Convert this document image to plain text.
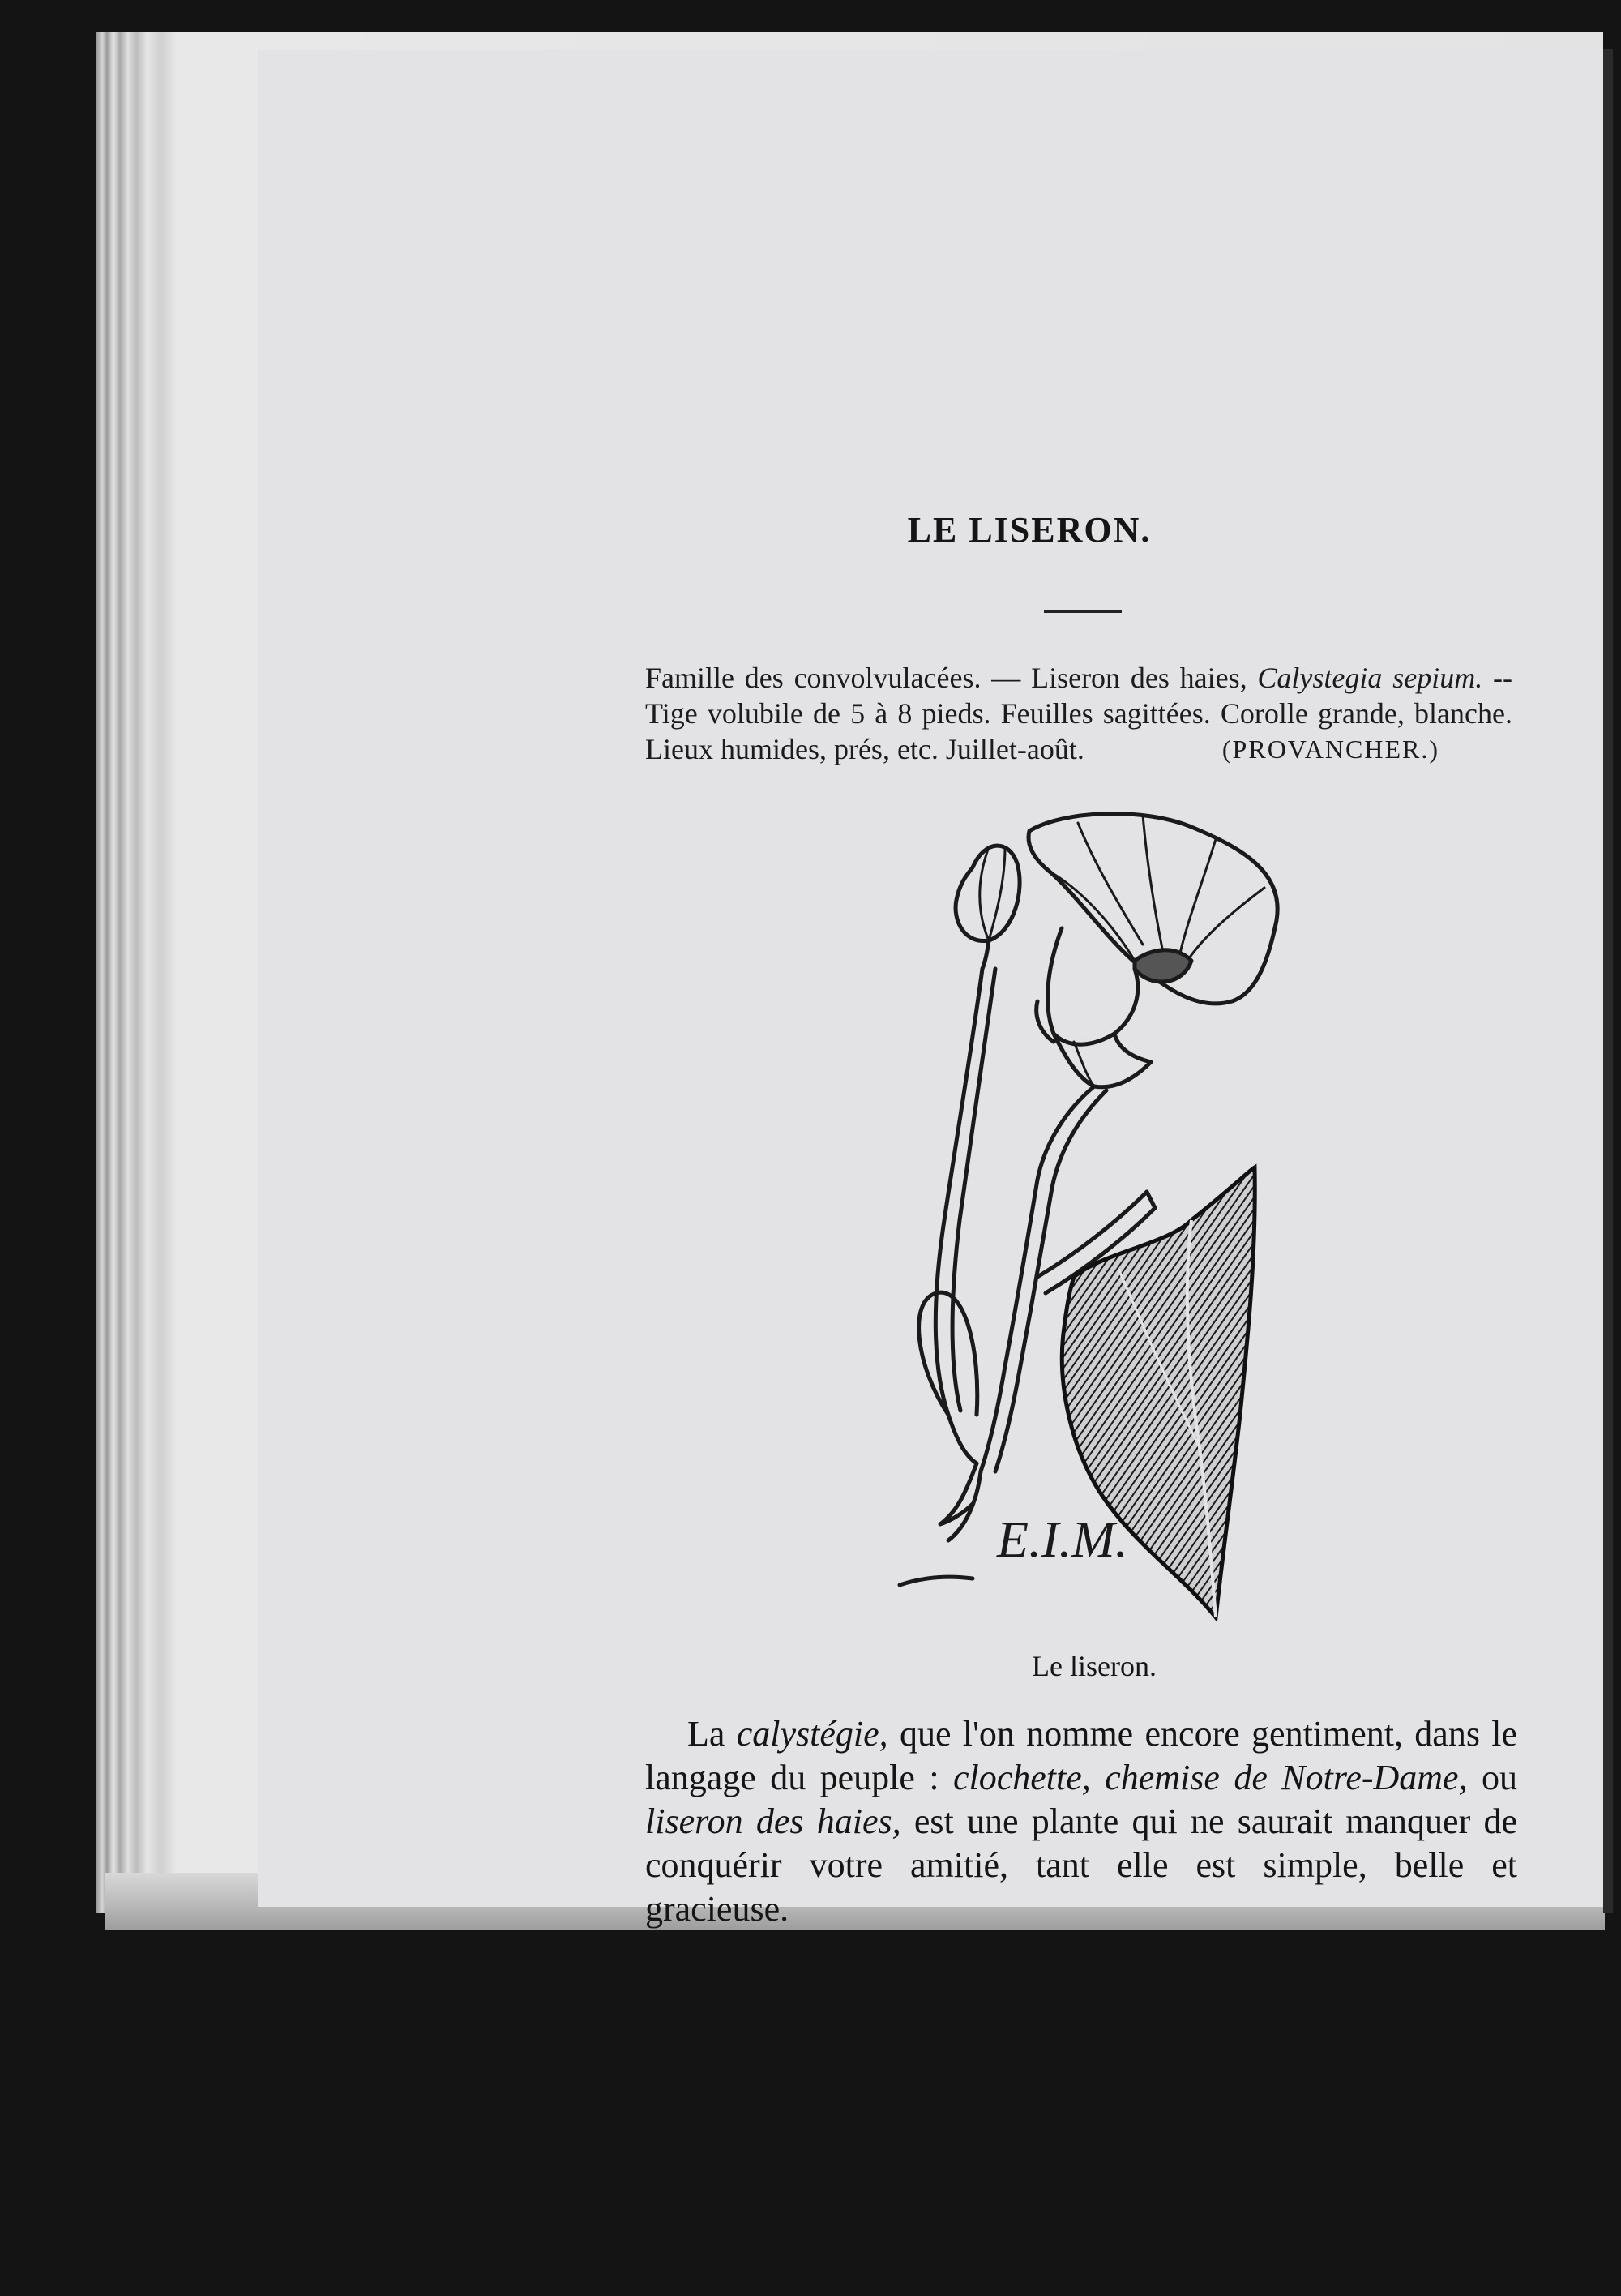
LE LISERON.
Famille des convolvulacées. — Liseron des haies, Calystegia sepium. -- Tige volubile de 5 à 8 pieds. Feuilles sagittées. Corolle grande, blanche. Lieux humides, prés, etc. Juillet-août.	(PROVANCHER.)
E.I.M.
Le liseron.
La calystégie, que l'on nomme encore gentiment, dans le langage du peuple : clochette, chemise de Notre-Dame, ou liseron des haies, est une plante qui ne saurait manquer de conquérir votre amitié, tant elle est simple, belle et gracieuse.
